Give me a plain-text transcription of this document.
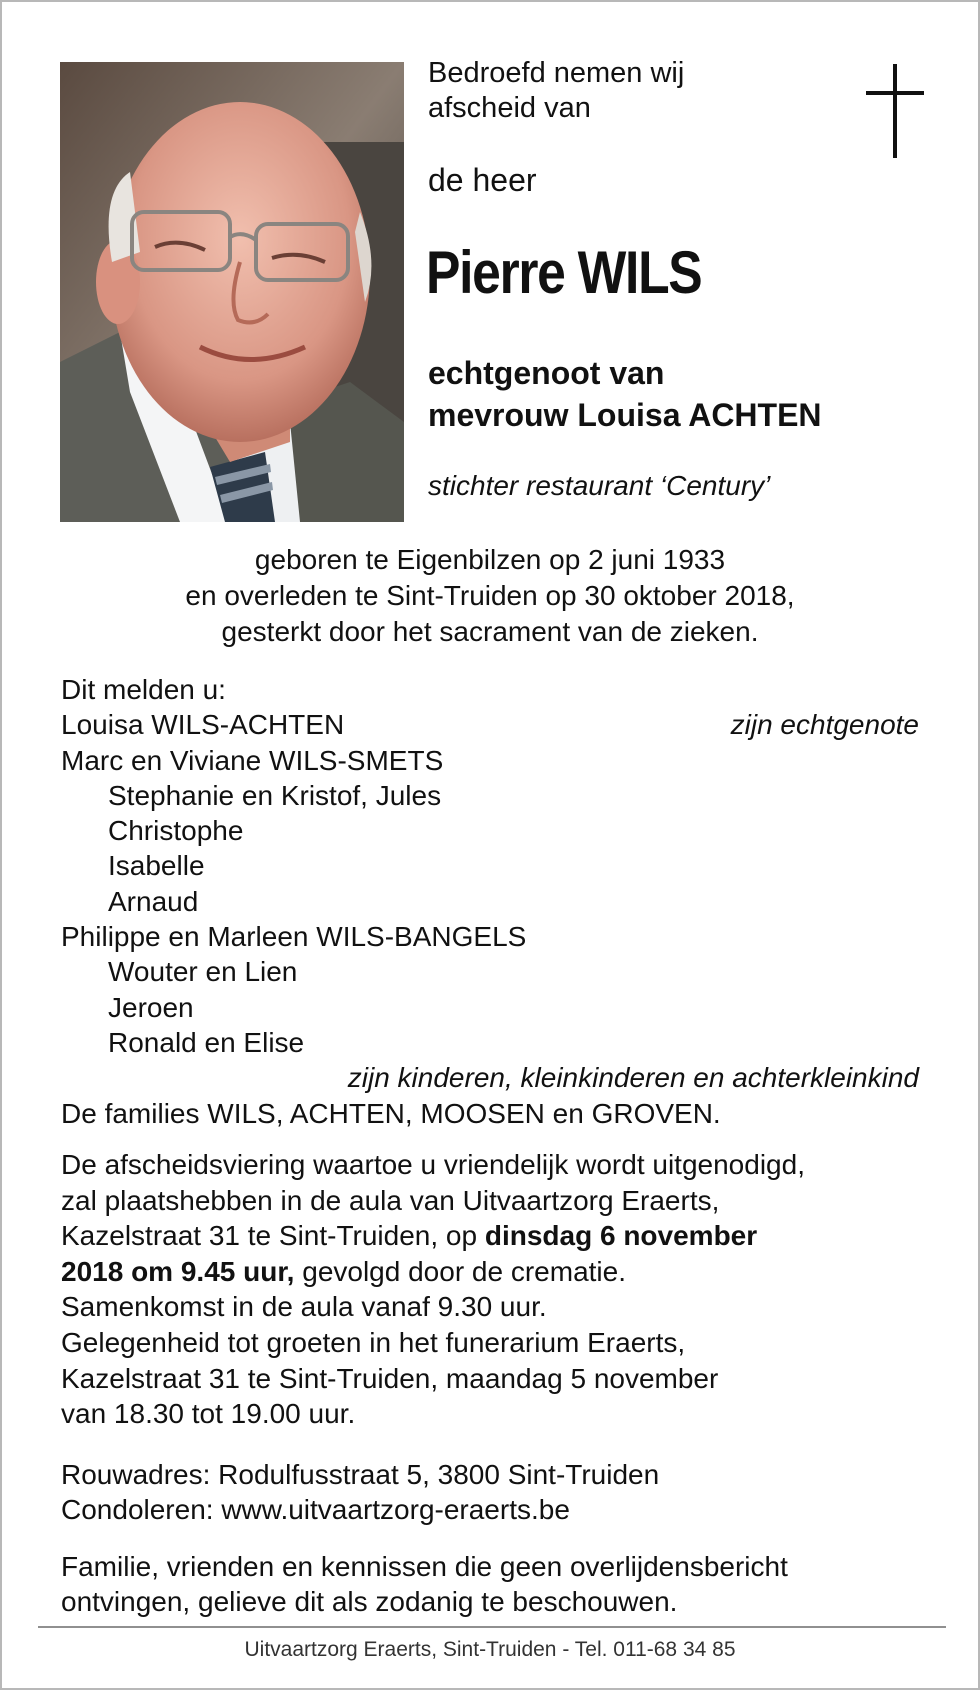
Bedroefd nemen wij
afscheid van
de heer
Pierre WILS
echtgenoot van
mevrouw Louisa ACHTEN
stichter restaurant ‘Century’
geboren te Eigenbilzen op 2 juni 1933
en overleden te Sint-Truiden op 30 oktober 2018,
gesterkt door het sacrament van de zieken.
Dit melden u:
Louisa WILS-ACHTEN	zijn echtgenote
Marc en Viviane WILS-SMETS
Stephanie en Kristof, Jules
Christophe
Isabelle
Arnaud
Philippe en Marleen WILS-BANGELS
Wouter en Lien
Jeroen
Ronald en Elise
zijn kinderen, kleinkinderen en achterkleinkind
De families WILS, ACHTEN, MOOSEN en GROVEN.
De afscheidsviering waartoe u vriendelijk wordt uitgenodigd,
zal plaatshebben in de aula van Uitvaartzorg Eraerts,
Kazelstraat 31 te Sint-Truiden, op dinsdag 6 november
2018 om 9.45 uur, gevolgd door de crematie.
Samenkomst in de aula vanaf 9.30 uur.
Gelegenheid tot groeten in het funerarium Eraerts,
Kazelstraat 31 te Sint-Truiden, maandag 5 november
van 18.30 tot 19.00 uur.
Rouwadres: Rodulfusstraat 5, 3800 Sint-Truiden
Condoleren: www.uitvaartzorg-eraerts.be
Familie, vrienden en kennissen die geen overlijdensbericht
ontvingen, gelieve dit als zodanig te beschouwen.
Uitvaartzorg Eraerts, Sint-Truiden - Tel. 011-68 34 85
